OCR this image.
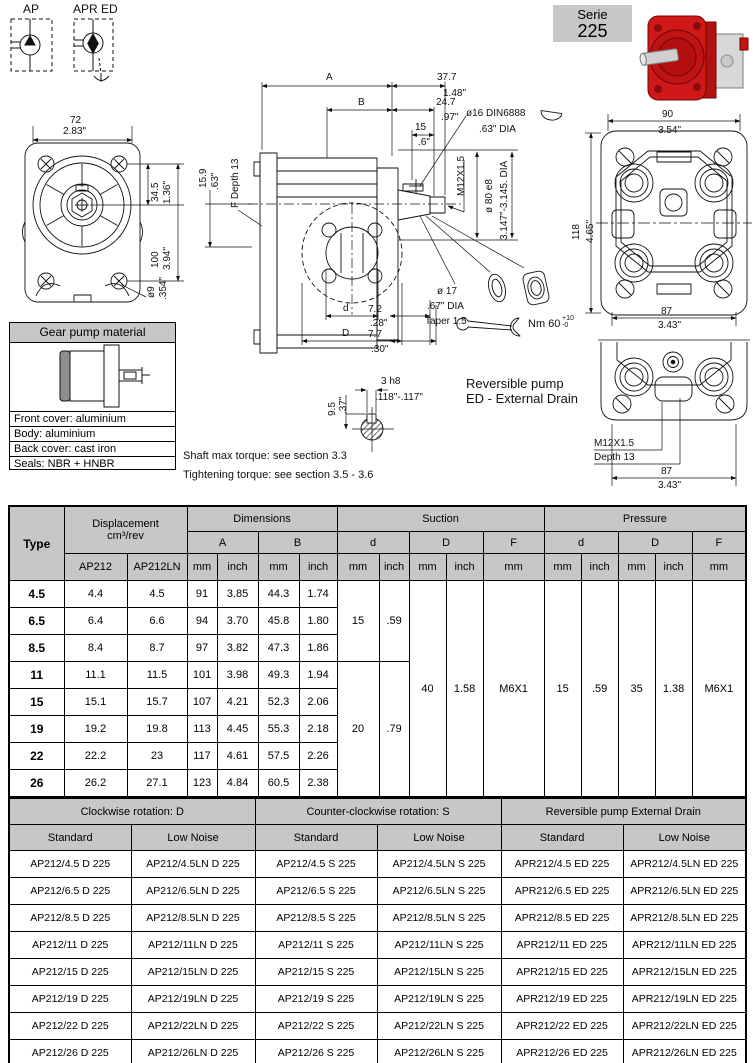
AP	APR ED	Serie
225
72
2.83"
34.5 1.36"
100 3.94"
ø9 .354"
A	37.7
1.48"
B	24.7
.97"
15
.6"
ø16 DIN6888
.63" DIA
15.9 .63" F Depth 13	M12X1.5
ø 80 e8 3.147"-3.145. DIA
d
D
7.2
.28"
7.7
.30"
ø 17
.67" DIA
Taper 1:5	Nm 60 +10
-0
3 h8
.118"-.117"
9.5 .37"
90
3.54"
118 4.65"
87
3.43"
M12X1.5
Depth 13
87
3.43"
Reversible pump
ED - External Drain
Shaft max torque: see section 3.3
Tightening torque: see section 3.5 - 3.6
Gear pump material
Front cover: aluminium
Body: aluminium
Back cover: cast iron
Seals: NBR + HNBR
Type	Displacement
cm³/rev		Dimensions				Suction					Pressure				
			A		B		d		D		F	d		D		F
	AP212	AP212LN	mm	inch	mm	inch	mm	inch	mm	inch	mm	mm	inch	mm	inch	mm
4.5	4.4	4.5	91	3.85	44.3	1.74	15	.59	40	1.58	M6X1	15	.59	35	1.38	M6X1
6.5	6.4	6.6	94	3.70	45.8	1.80										
8.5	8.4	8.7	97	3.82	47.3	1.86										
11	11.1	11.5	101	3.98	49.3	1.94	20	.79								
15	15.1	15.7	107	4.21	52.3	2.06										
19	19.2	19.8	113	4.45	55.3	2.18										
22	22.2	23	117	4.61	57.5	2.26										
26	26.2	27.1	123	4.84	60.5	2.38										
Clockwise rotation: D		Counter-clockwise rotation: S		Reversible pump External Drain	
Standard	Low Noise	Standard	Low Noise	Standard	Low Noise
AP212/4.5 D 225	AP212/4.5LN D 225	AP212/4.5 S 225	AP212/4.5LN S 225	APR212/4.5 ED 225	APR212/4.5LN ED 225
AP212/6.5 D 225	AP212/6.5LN D 225	AP212/6.5 S 225	AP212/6.5LN S 225	APR212/6.5 ED 225	APR212/6.5LN ED 225
AP212/8.5 D 225	AP212/8.5LN D 225	AP212/8.5 S 225	AP212/8.5LN S 225	APR212/8.5 ED 225	APR212/8.5LN ED 225
AP212/11 D 225	AP212/11LN D 225	AP212/11 S 225	AP212/11LN S 225	APR212/11 ED 225	APR212/11LN ED 225
AP212/15 D 225	AP212/15LN D 225	AP212/15 S 225	AP212/15LN S 225	APR212/15 ED 225	APR212/15LN ED 225
AP212/19 D 225	AP212/19LN D 225	AP212/19 S 225	AP212/19LN S 225	APR212/19 ED 225	APR212/19LN ED 225
AP212/22 D 225	AP212/22LN D 225	AP212/22 S 225	AP212/22LN S 225	APR212/22 ED 225	APR212/22LN ED 225
AP212/26 D 225	AP212/26LN D 225	AP212/26 S 225	AP212/26LN S 225	APR212/26 ED 225	APR212/26LN ED 225
